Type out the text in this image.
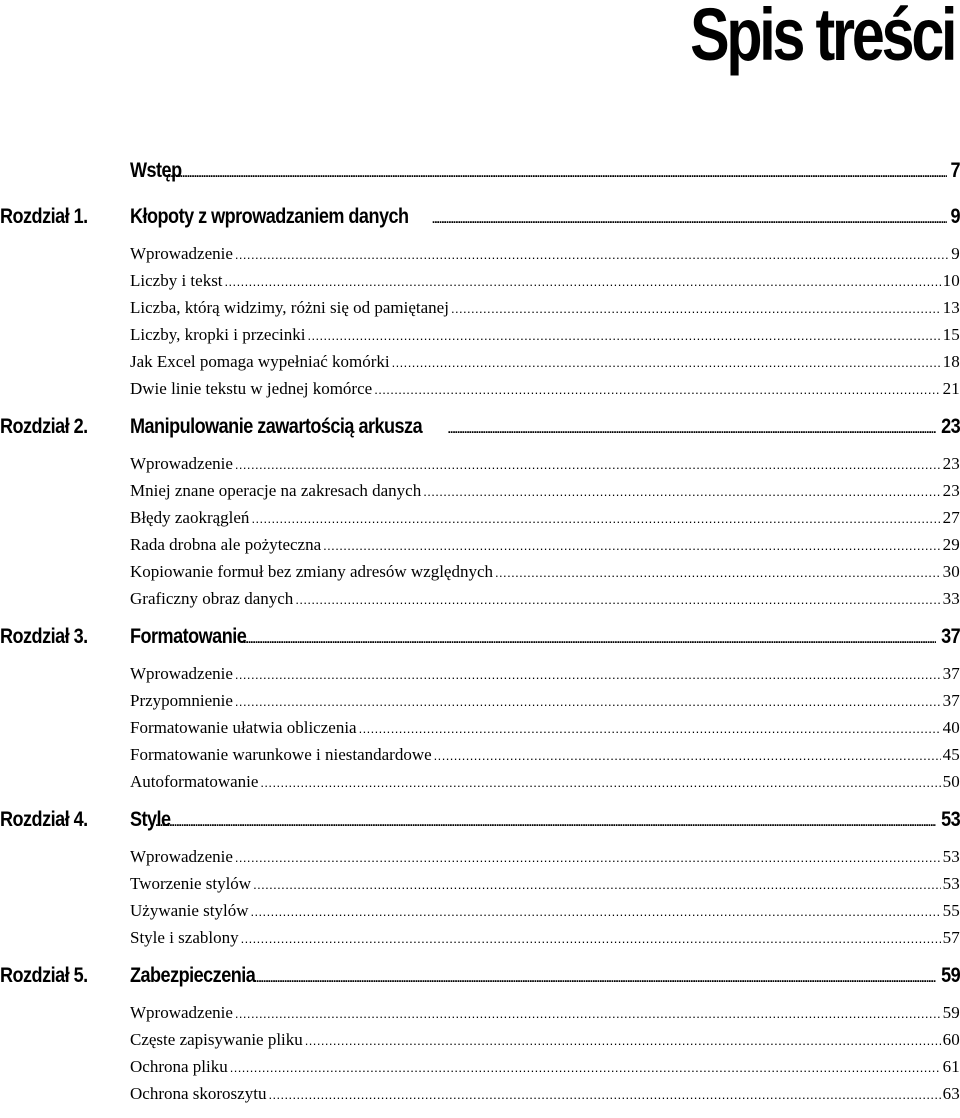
Spis treści
Wstęp .....	7
Rozdział 1. Kłopoty z wprowadzaniem danych .....	9
Wprowadzenie .....	9
Liczby i tekst .....	10
Liczba, którą widzimy, różni się od pamiętanej .....	13
Liczby, kropki i przecinki .....	15
Jak Excel pomaga wypełniać komórki .....	18
Dwie linie tekstu w jednej komórce .....	21
Rozdział 2. Manipulowanie zawartością arkusza .....	23
Wprowadzenie .....	23
Mniej znane operacje na zakresach danych .....	23
Błędy zaokrągleń .....	27
Rada drobna ale pożyteczna .....	29
Kopiowanie formuł bez zmiany adresów względnych .....	30
Graficzny obraz danych .....	33
Rozdział 3. Formatowanie .....	37
Wprowadzenie .....	37
Przypomnienie .....	37
Formatowanie ułatwia obliczenia .....	40
Formatowanie warunkowe i niestandardowe .....	45
Autoformatowanie .....	50
Rozdział 4. Style .....	53
Wprowadzenie .....	53
Tworzenie stylów .....	53
Używanie stylów .....	55
Style i szablony .....	57
Rozdział 5. Zabezpieczenia .....	59
Wprowadzenie .....	59
Częste zapisywanie pliku .....	60
Ochrona pliku .....	61
Ochrona skoroszytu .....	63
